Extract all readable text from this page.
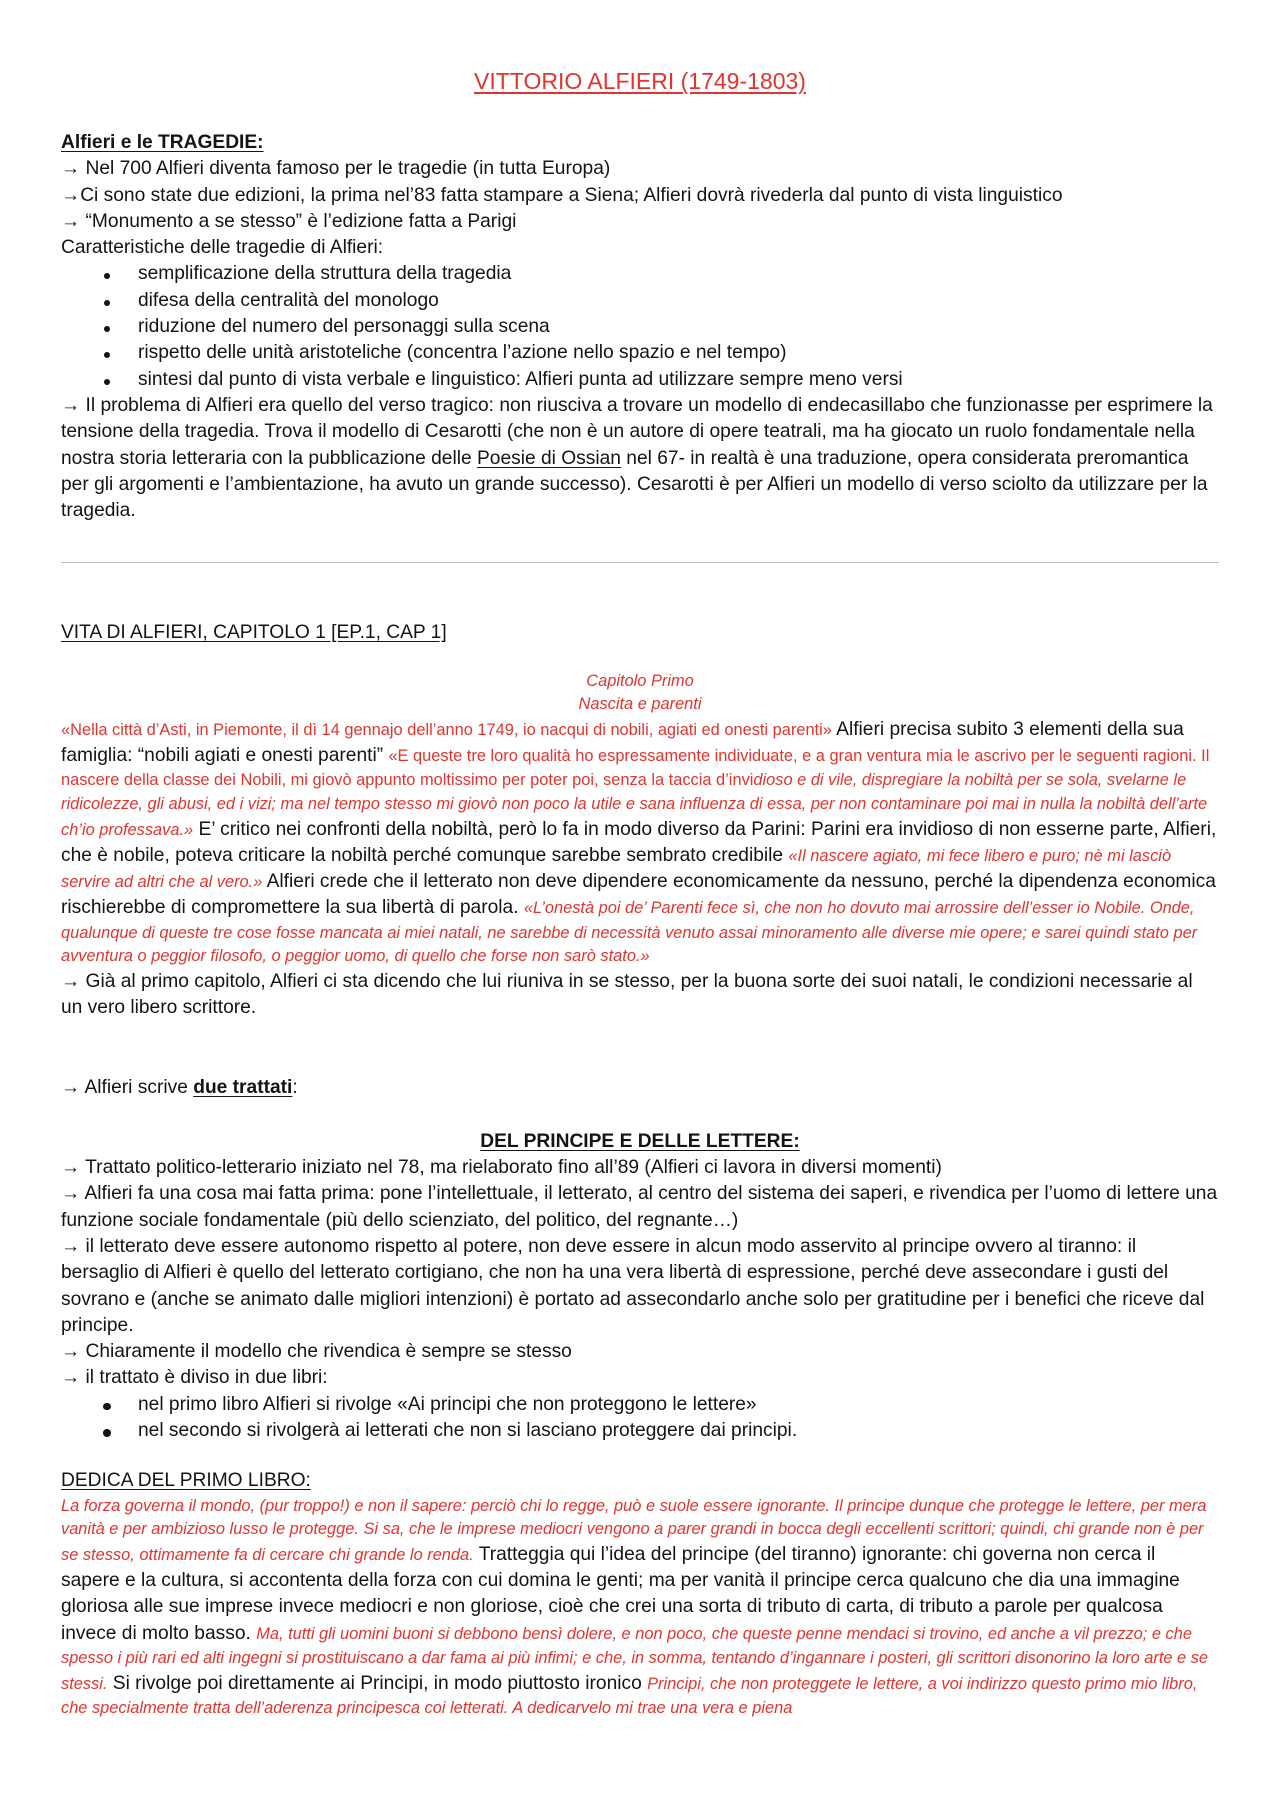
VITTORIO ALFIERI (1749-1803)
Alfieri e le TRAGEDIE:
→ Nel 700 Alfieri diventa famoso per le tragedie (in tutta Europa)
→Ci sono state due edizioni, la prima nel’83 fatta stampare a Siena; Alfieri dovrà rivederla dal punto di vista linguistico
→ “Monumento a se stesso” è l’edizione fatta a Parigi
Caratteristiche delle tragedie di Alfieri:
semplificazione della struttura della tragedia
difesa della centralità del monologo
riduzione del numero del personaggi sulla scena
rispetto delle unità aristoteliche (concentra l’azione nello spazio e nel tempo)
sintesi dal punto di vista verbale e linguistico: Alfieri punta ad utilizzare sempre meno versi

→ Il problema di Alfieri era quello del verso tragico: non riusciva a trovare un modello di endecasillabo che funzionasse per esprimere la tensione della tragedia. Trova il modello di Cesarotti (che non è un autore di opere teatrali, ma ha giocato un ruolo fondamentale nella nostra storia letteraria con la pubblicazione delle Poesie di Ossian nel 67- in realtà è una traduzione, opera considerata preromantica per gli argomenti e l’ambientazione, ha avuto un grande successo). Cesarotti è per Alfieri un modello di verso sciolto da utilizzare per la tragedia.

VITA DI ALFIERI, CAPITOLO 1 [EP.1, CAP 1]
Capitolo Primo
Nascita e parenti

«Nella città d’Asti, in Piemonte, il dì 14 gennajo dell’anno 1749, io nacqui di nobili, agiati ed onesti parenti» Alfieri precisa subito 3 elementi della sua famiglia: “nobili agiati e onesti parenti” «E queste tre loro qualità ho espressamente individuate, e a gran ventura mia le ascrivo per le seguenti ragioni. Il nascere della classe dei Nobili, mi giovò appunto moltissimo per poter poi, senza la taccia d’invidioso e di vile, dispregiare la nobiltà per se sola, svelarne le ridicolezze, gli abusi, ed i vizi; ma nel tempo stesso mi giovò non poco la utile e sana influenza di essa, per non contaminare poi mai in nulla la nobiltà dell’arte ch’io professava.» E’ critico nei confronti della nobiltà, però lo fa in modo diverso da Parini: Parini era invidioso di non esserne parte, Alfieri, che è nobile, poteva criticare la nobiltà perché comunque sarebbe sembrato credibile «Il nascere agiato, mi fece libero e puro; nè mi lasciò servire ad altri che al vero.» Alfieri crede che il letterato non deve dipendere economicamente da nessuno, perché la dipendenza economica rischierebbe di compromettere la sua libertà di parola. «L’onestà poi de’ Parenti fece sì, che non ho dovuto mai arrossire dell’esser io Nobile. Onde, qualunque di queste tre cose fosse mancata ai miei natali, ne sarebbe di necessità venuto assai minoramento alle diverse mie opere; e sarei quindi stato per avventura o peggior filosofo, o peggior uomo, di quello che forse non sarò stato.»

→ Già al primo capitolo, Alfieri ci sta dicendo che lui riuniva in se stesso, per la buona sorte dei suoi natali, le condizioni necessarie al un vero libero scrittore.
→ Alfieri scrive due trattati:
DEL PRINCIPE E DELLE LETTERE:
→ Trattato politico-letterario iniziato nel 78, ma rielaborato fino all’89 (Alfieri ci lavora in diversi momenti)
→ Alfieri fa una cosa mai fatta prima: pone l’intellettuale, il letterato, al centro del sistema dei saperi, e rivendica per l’uomo di lettere una funzione sociale fondamentale (più dello scienziato, del politico, del regnante…)
→ il letterato deve essere autonomo rispetto al potere, non deve essere in alcun modo asservito al principe ovvero al tiranno: il bersaglio di Alfieri è quello del letterato cortigiano, che non ha una vera libertà di espressione, perché deve assecondare i gusti del sovrano e (anche se animato dalle migliori intenzioni) è portato ad assecondarlo anche solo per gratitudine per i benefici che riceve dal principe.
→ Chiaramente il modello che rivendica è sempre se stesso
→ il trattato è diviso in due libri:
nel primo libro Alfieri si rivolge «Ai principi che non proteggono le lettere»
nel secondo si rivolgerà ai letterati che non si lasciano proteggere dai principi.
DEDICA DEL PRIMO LIBRO:

La forza governa il mondo, (pur troppo!) e non il sapere: perciò chi lo regge, può e suole essere ignorante. Il principe dunque che protegge le lettere, per mera vanità e per ambizioso lusso le protegge. Si sa, che le imprese mediocri vengono a parer grandi in bocca degli eccellenti scrittori; quindi, chi grande non è per se stesso, ottimamente fa di cercare chi grande lo renda. Tratteggia qui l’idea del principe (del tiranno) ignorante: chi governa non cerca il sapere e la cultura, si accontenta della forza con cui domina le genti; ma per vanità il principe cerca qualcuno che dia una immagine gloriosa alle sue imprese invece mediocri e non gloriose, cioè che crei una sorta di tributo di carta, di tributo a parole per qualcosa invece di molto basso. Ma, tutti gli uomini buoni si debbono bensì dolere, e non poco, che queste penne mendaci si trovino, ed anche a vil prezzo; e che spesso i più rari ed alti ingegni si prostituiscano a dar fama ai più infimi; e che, in somma, tentando d’ingannare i posteri, gli scrittori disonorino la loro arte e se stessi. Si rivolge poi direttamente ai Principi, in modo piuttosto ironico Principi, che non proteggete le lettere, a voi indirizzo questo primo mio libro, che specialmente tratta dell’aderenza principesca coi letterati. A dedicarvelo mi trae una vera e piena
